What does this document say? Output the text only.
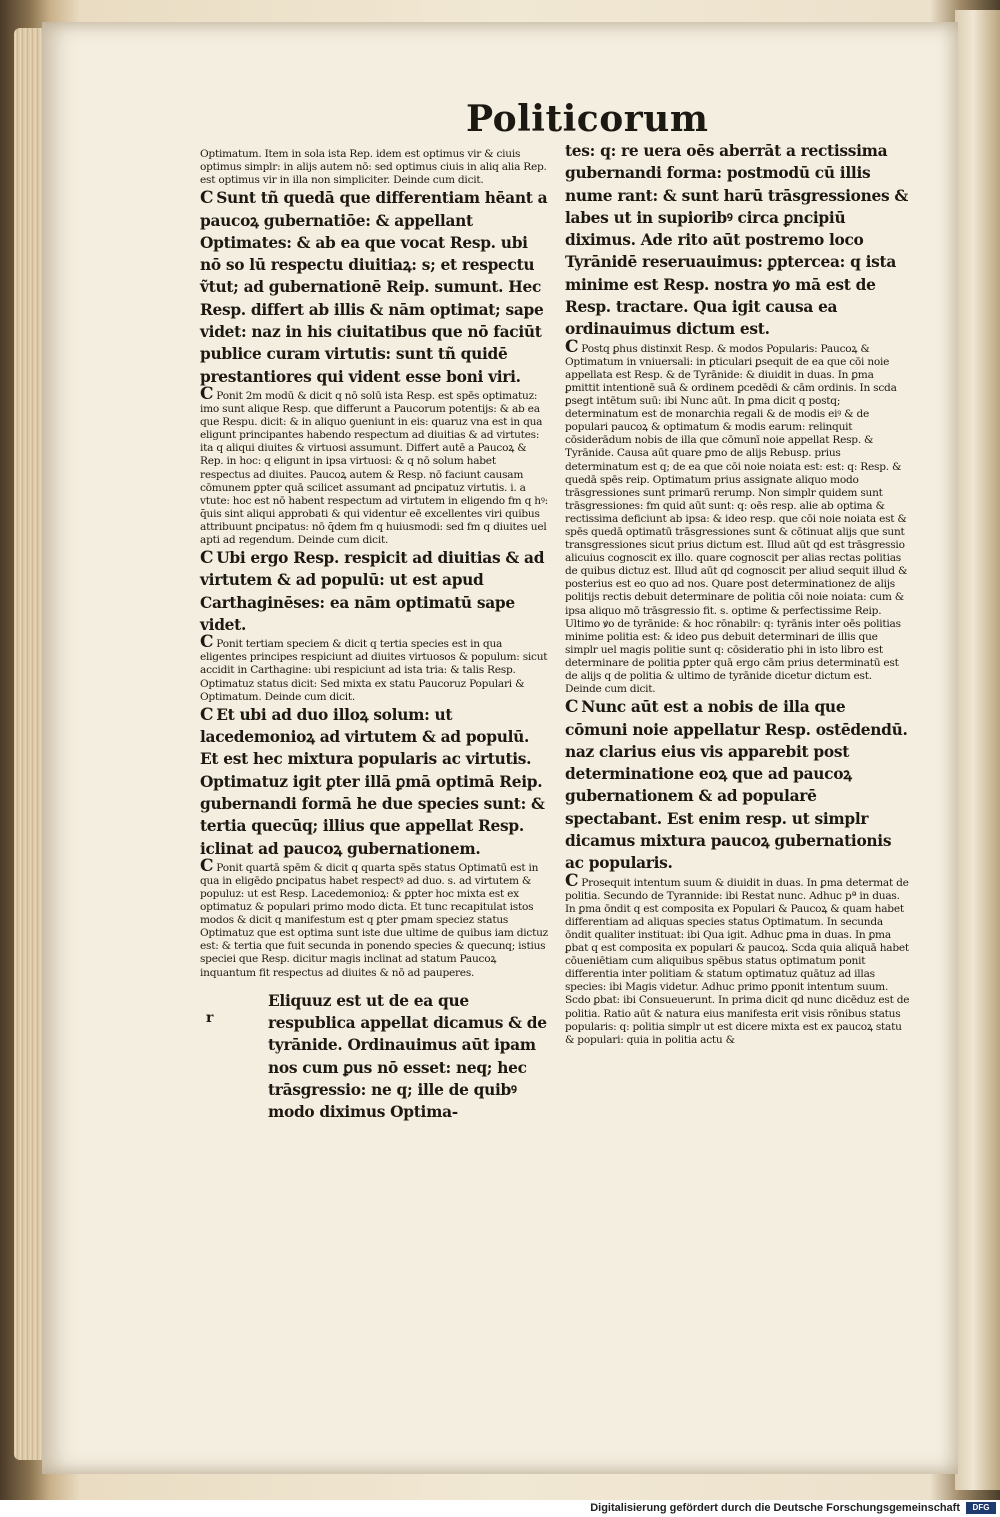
Politicorum

Optimatum. Item in sola ista Rep. idem est optimus vir & ciuis optimus simplr: in alijs autem nō: sed optimus ciuis in aliq alia Rep. est optimus vir in illa non simpliciter. Deinde cum dicit.

C Sunt tñ quedā que differentiam hēant a paucoꝝ gubernatiōe: & appellant Optimates: & ab ea que vocat Resp. ubi nō so lū respectu diuitiaꝝ: s; et respectu ṽtut; ad gubernationē Reip. sumunt. Hec Resp. differt ab illis & nām optimat; sape videt: naz in his ciuitatibus que nō faciūt publice curam virtutis: sunt tñ quidē prestantiores qui vident esse boni viri.

C Ponit 2m modū & dicit q nō solū ista Resp. est spēs optimatuz: imo sunt alique Resp. que differunt a Paucorum potentijs: & ab ea que Respu. dicit: & in aliquo ꝯueniunt in eis: quaruz vna est in qua eligunt principantes habendo respectum ad diuitias & ad virtutes: ita q aliqui diuites & virtuosi assumunt. Differt autē a Paucoꝝ & Rep. in hoc: q eligunt in ipsa virtuosi: & q nō solum habet respectus ad diuites. Paucoꝝ autem & Resp. nō faciunt causam cōmunem ꝑpter quā scilicet assumant ad ꝑncipatuz virtutis. i. a vtute: hoc est nō habent respectum ad virtutem in eligendo fm q hꝰ: q̄uis sint aliqui approbati & qui videntur eē excellentes viri quibus attribuunt ꝑncipatus: nō q̄dem fm q huiusmodi: sed fm q diuites uel apti ad regendum. Deinde cum dicit.

C Ubi ergo Resp. respicit ad diuitias & ad virtutem & ad populū: ut est apud Carthaginēses: ea nām optimatū sape videt.

C Ponit tertiam speciem & dicit q tertia species est in qua eligentes principes respiciunt ad diuites virtuosos & populum: sicut accidit in Carthagine: ubi respiciunt ad ista tria: & talis Resp. Optimatuz status dicit: Sed mixta ex statu Paucoruz Populari & Optimatum. Deinde cum dicit.

C Et ubi ad duo illoꝝ solum: ut lacedemonioꝝ ad virtutem & ad populū. Et est hec mixtura popularis ac virtutis. Optimatuz igit ꝑter illā ꝑmā optimā Reip. gubernandi formā he due species sunt: & tertia quecūq; illius que appellat Resp. iclinat ad paucoꝝ gubernationem.

C Ponit quartā spēm & dicit q quarta spēs status Optimatū est in qua in eligēdo ꝑncipatus habet respectꝰ ad duo. s. ad virtutem & populuz: ut est Resp. Lacedemonioꝝ: & ꝑpter hoc mixta est ex optimatuz & populari primo modo dicta. Et tunc recapitulat istos modos & dicit q manifestum est q ꝑter ꝑmam speciez status Optimatuz que est optima sunt iste due ultime de quibus iam dictuz est: & tertia que fuit secunda in ponendo species & quecunq; istius speciei que Resp. dicitur magis inclinat ad statum Paucoꝝ inquantum fit respectus ad diuites & nō ad pauperes.

r

Eliquuz est ut de ea que respublica appellat dicamus & de tyrānide. Ordinauimus aūt ipam nos cum ꝑus nō esset: neq; hec trāsgressio: ne q; ille de quibꝰ modo diximus Optima-

tes: q: re uera oēs aberrāt a rectissima gubernandi forma: postmodū cū illis nume rant: & sunt harū trāsgressiones & labes ut in supioribꝰ circa ꝑncipiū diximus. Ade rito aūt postremo loco Tyrānidē reseruauimus: ꝑptercea: q ista minime est Resp. nostra ꝟo mā est de Resp. tractare. Qua igit causa ea ordinauimus dictum est.

C Postq ꝑhus distinxit Resp. & modos Popularis: Paucoꝝ & Optimatum in vniuersali: in ꝑticulari ꝑsequit de ea que cōi noie appellata est Resp. & de Tyrānide: & diuidit in duas. In ꝑma ꝑmittit intentionē suā & ordinem ꝑcedēdi & cām ordinis. In scda ꝑsegt intētum suū: ibi Nunc aūt. In ꝑma dicit q postq; determinatum est de monarchia regali & de modis eiꝰ & de populari paucoꝝ & optimatum & modis earum: relinquit cōsiderādum nobis de illa que cōmunī noie appellat Resp. & Tyrānide. Causa aūt quare ꝑmo de alijs Rebusp. prius determinatum est q; de ea que cōi noie noiata est: est: q: Resp. & quedā spēs reip. Optimatum prius assignate aliquo modo trāsgressiones sunt primarū rerump. Non simplr quidem sunt trāsgressiones: fm quid aūt sunt: q: oēs resp. alie ab optima & rectissima deficiunt ab ipsa: & ideo resp. que cōi noie noiata est & spēs quedā optimatū trāsgressiones sunt & cōtinuat alijs que sunt transgressiones sicut prius dictum est. Illud aūt qd est trāsgressio alicuius cognoscit ex illo. quare cognoscit per alias rectas politias de quibus dictuz est. Illud aūt qd cognoscit per aliud sequit illud & posterius est eo quo ad nos. Quare post determinationez de alijs politijs rectis debuit determinare de politia cōi noie noiata: cum & ipsa aliquo mō trāsgressio fit. s. optime & perfectissime Reip. Ultimo ꝟo de tyrānide: & hoc rōnabilr: q: tyrānis inter oēs politias minime politia est: & ideo ꝑus debuit determinari de illis que simplr uel magis politie sunt q: cōsideratio phi in isto libro est determinare de politia ꝑpter quā ergo cām prius determinatū est de alijs q de politia & ultimo de tyrānide dicetur dictum est. Deinde cum dicit.

C Nunc aūt est a nobis de illa que cōmuni noie appellatur Resp. ostēdendū. naz clarius eius vis apparebit post determinatione eoꝝ que ad paucoꝝ gubernationem & ad popularē spectabant. Est enim resp. ut simplr dicamus mixtura paucoꝝ gubernationis ac popularis.

C Prosequit intentum suum & diuidit in duas. In ꝑma determat de politia. Secundo de Tyrannide: ibi Restat nunc. Adhuc pª in duas. In ꝑma ōndit q est composita ex Populari & Paucoꝝ & quam habet differentiam ad aliquas species status Optimatum. In secunda ōndit qualiter instituat: ibi Qua igit. Adhuc ꝑma in duas. In ꝑma ꝑbat q est composita ex populari & paucoꝝ. Scda quia aliquā habet cōueniētiam cum aliquibus spēbus status optimatum ponit differentia inter politiam & statum optimatuz quātuz ad illas species: ibi Magis videtur. Adhuc primo ꝑponit intentum suum. Scdo ꝑbat: ibi Consueuerunt. In prima dicit qd nunc dicēduz est de politia. Ratio aūt & natura eius manifesta erit visis rōnibus status popularis: q: politia simplr ut est dicere mixta est ex paucoꝝ statu & populari: quia in politia actu &

Digitalisierung gefördert durch die Deutsche Forschungsgemeinschaft	DFG
